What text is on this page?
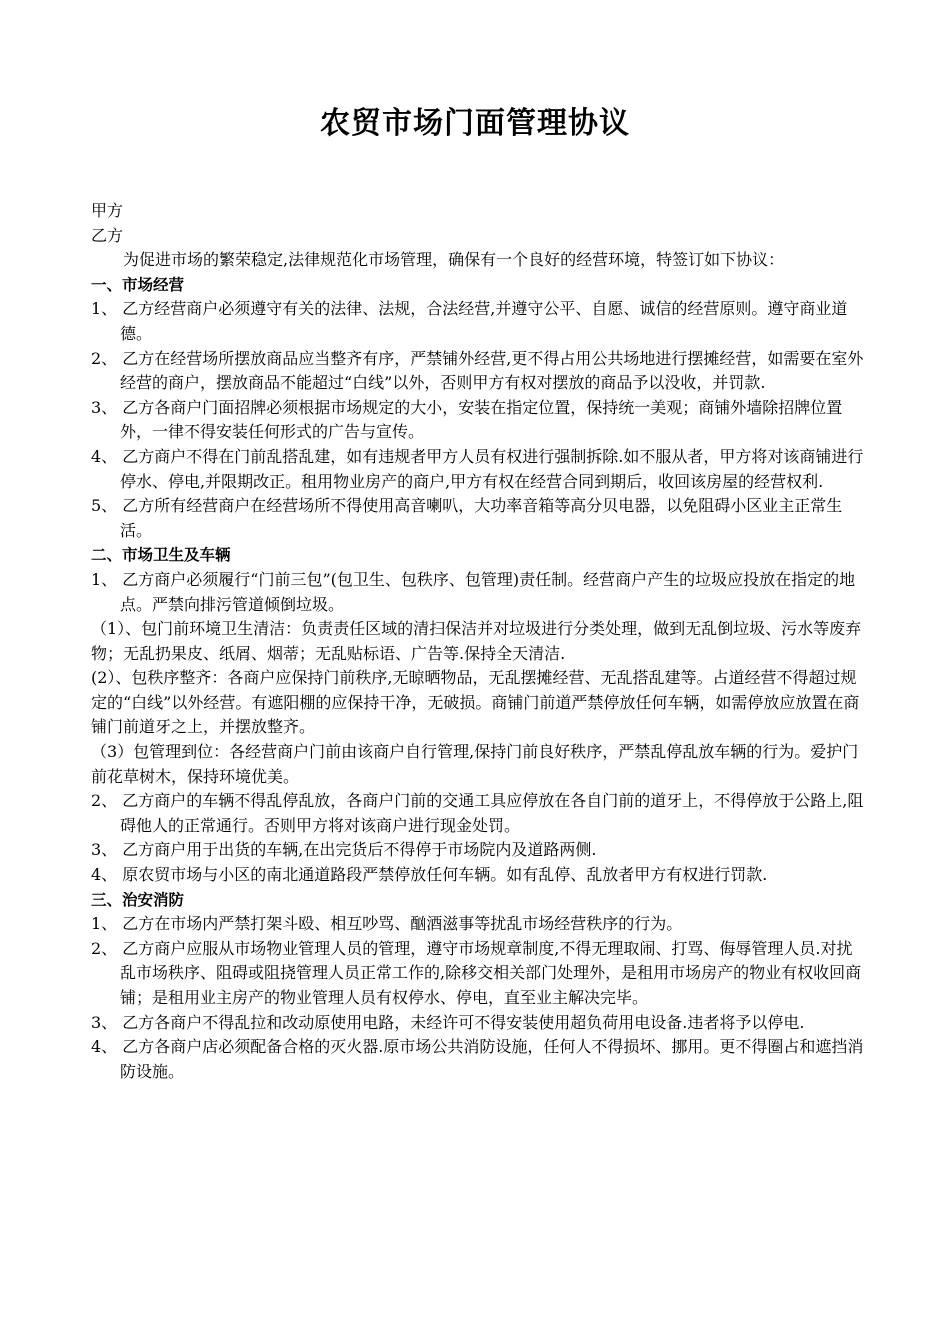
农贸市场门面管理协议
甲方
乙方
为促进市场的繁荣稳定,法律规范化市场管理，确保有一个良好的经营环境，特签订如下协议：
一、市场经营
1、 乙方经营商户必须遵守有关的法律、法规，合法经营,并遵守公平、自愿、诚信的经营原则。遵守商业道德。
2、 乙方在经营场所摆放商品应当整齐有序，严禁铺外经营,更不得占用公共场地进行摆摊经营，如需要在室外经营的商户，摆放商品不能超过“白线”以外，否则甲方有权对摆放的商品予以没收，并罚款.
3、 乙方各商户门面招牌必须根据市场规定的大小，安装在指定位置，保持统一美观；商铺外墙除招牌位置外，一律不得安装任何形式的广告与宣传。
4、 乙方商户不得在门前乱搭乱建，如有违规者甲方人员有权进行强制拆除.如不服从者，甲方将对该商铺进行停水、停电,并限期改正。租用物业房产的商户,甲方有权在经营合同到期后，收回该房屋的经营权利.
5、 乙方所有经营商户在经营场所不得使用高音喇叭，大功率音箱等高分贝电器，以免阻碍小区业主正常生活。
二、市场卫生及车辆
1、 乙方商户必须履行“门前三包”(包卫生、包秩序、包管理)责任制。经营商户产生的垃圾应投放在指定的地点。严禁向排污管道倾倒垃圾。
（1）、包门前环境卫生清洁：负责责任区域的清扫保洁并对垃圾进行分类处理，做到无乱倒垃圾、污水等废弃物；无乱扔果皮、纸屑、烟蒂；无乱贴标语、广告等.保持全天清洁.
(2）、包秩序整齐：各商户应保持门前秩序,无晾晒物品，无乱摆摊经营、无乱搭乱建等。占道经营不得超过规定的“白线”以外经营。有遮阳棚的应保持干净，无破损。商铺门前道严禁停放任何车辆，如需停放应放置在商铺门前道牙之上，并摆放整齐。
（3）包管理到位：各经营商户门前由该商户自行管理,保持门前良好秩序，严禁乱停乱放车辆的行为。爱护门前花草树木，保持环境优美。
2、 乙方商户的车辆不得乱停乱放，各商户门前的交通工具应停放在各自门前的道牙上，不得停放于公路上,阻碍他人的正常通行。否则甲方将对该商户进行现金处罚。
3、 乙方商户用于出货的车辆,在出完货后不得停于市场院内及道路两侧.
4、 原农贸市场与小区的南北通道路段严禁停放任何车辆。如有乱停、乱放者甲方有权进行罚款.
三、治安消防
1、 乙方在市场内严禁打架斗殴、相互吵骂、酗酒滋事等扰乱市场经营秩序的行为。
2、 乙方商户应服从市场物业管理人员的管理，遵守市场规章制度,不得无理取闹、打骂、侮辱管理人员.对扰乱市场秩序、阻碍或阻挠管理人员正常工作的,除移交相关部门处理外，是租用市场房产的物业有权收回商铺；是租用业主房产的物业管理人员有权停水、停电，直至业主解决完毕。
3、 乙方各商户不得乱拉和改动原使用电路，未经许可不得安装使用超负荷用电设备.违者将予以停电.
4、 乙方各商户店必须配备合格的灭火器.原市场公共消防设施，任何人不得损坏、挪用。更不得圈占和遮挡消防设施。
